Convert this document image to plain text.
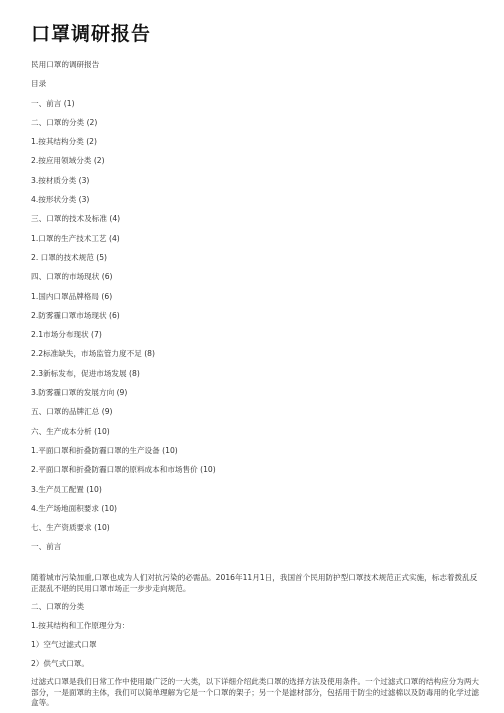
口罩调研报告
民用口罩的调研报告
目录
一、前言 (1)
二、口罩的分类 (2)
1.按其结构分类 (2)
2.按应用领域分类 (2)
3.按材质分类 (3)
4.按形状分类 (3)
三、口罩的技术及标准 (4)
1.口罩的生产技术工艺 (4)
2. 口罩的技术规范 (5)
四、口罩的市场现状 (6)
1.国内口罩品牌格局 (6)
2.防雾霾口罩市场现状 (6)
2.1市场分布现状 (7)
2.2标准缺失，市场监管力度不足 (8)
2.3新标发布，促进市场发展 (8)
3.防雾霾口罩的发展方向 (9)
五、口罩的品牌汇总 (9)
六、生产成本分析 (10)
1.平面口罩和折叠防霾口罩的生产设备 (10)
2.平面口罩和折叠防霾口罩的原料成本和市场售价 (10)
3.生产员工配置 (10)
4.生产场地面积要求 (10)
七、生产资质要求 (10)
一、前言

随着城市污染加重,口罩也成为人们对抗污染的必需品。2016年11月1日，我国首个民用防护型口罩技术规范正式实施，标志着拨乱反正混乱不堪的民用口罩市场正一步步走向规范。

二、口罩的分类
1.按其结构和工作原理分为：
1）空气过滤式口罩
2）供气式口罩。

过滤式口罩是我们日常工作中使用最广泛的一大类，以下详细介绍此类口罩的选择方法及使用条件。一个过滤式口罩的结构应分为两大部分，一是面罩的主体，我们可以简单理解为它是一个口罩的架子；另一个是滤材部分，包括用于防尘的过滤棉以及防毒用的化学过滤盒等。
